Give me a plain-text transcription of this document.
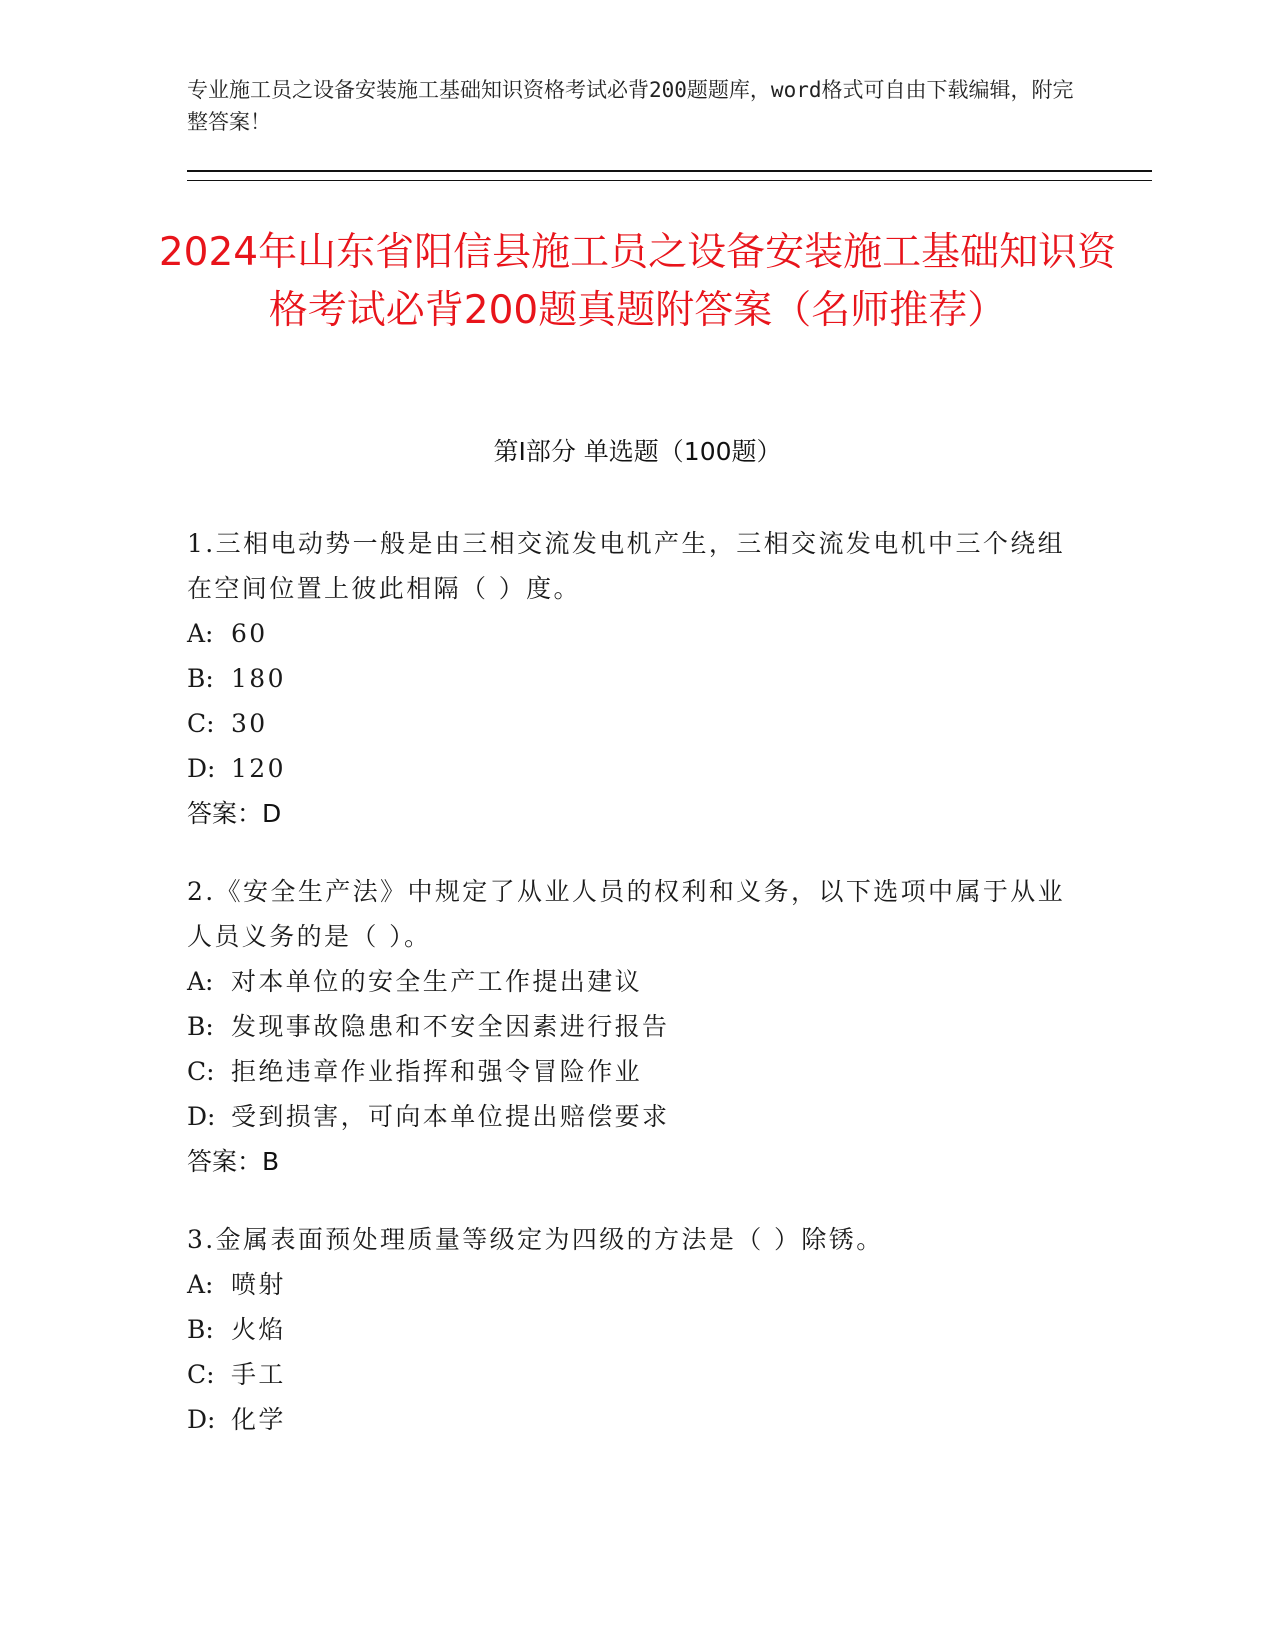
专业施工员之设备安装施工基础知识资格考试必背200题题库，word格式可自由下载编辑，附完整答案！

2024年山东省阳信县施工员之设备安装施工基础知识资格考试必背200题真题附答案（名师推荐）
第Ⅰ部分 单选题（100题）

1.三相电动势一般是由三相交流发电机产生，三相交流发电机中三个绕组在空间位置上彼此相隔（ ）度。

A: 60
B: 180
C: 30
D: 120

答案：D

2.《安全生产法》中规定了从业人员的权利和义务，以下选项中属于从业人员义务的是（ ）。

A: 对本单位的安全生产工作提出建议
B: 发现事故隐患和不安全因素进行报告
C: 拒绝违章作业指挥和强令冒险作业
D: 受到损害，可向本单位提出赔偿要求

答案：B

3.金属表面预处理质量等级定为四级的方法是（ ）除锈。

A: 喷射
B: 火焰
C: 手工
D: 化学
